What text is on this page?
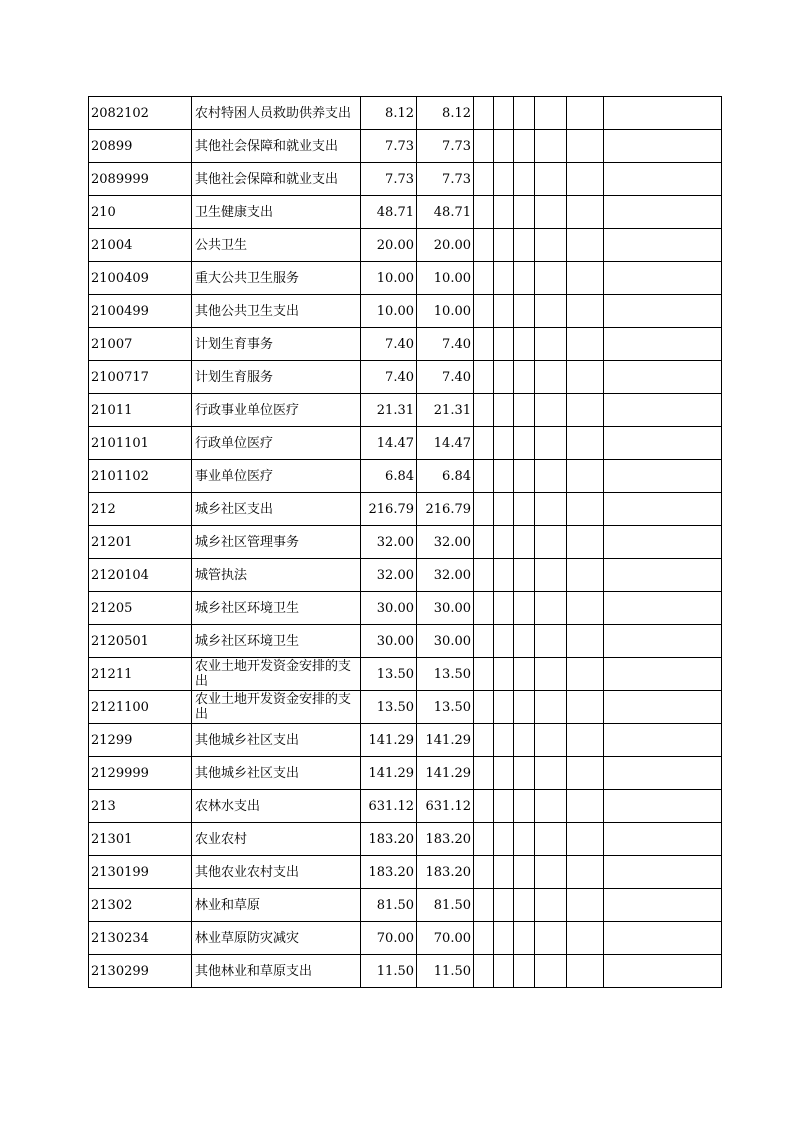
2082102	农村特困人员救助供养支出	8.12	8.12						
20899	其他社会保障和就业支出	7.73	7.73						
2089999	其他社会保障和就业支出	7.73	7.73						
210	卫生健康支出	48.71	48.71						
21004	公共卫生	20.00	20.00						
2100409	重大公共卫生服务	10.00	10.00						
2100499	其他公共卫生支出	10.00	10.00						
21007	计划生育事务	7.40	7.40						
2100717	计划生育服务	7.40	7.40						
21011	行政事业单位医疗	21.31	21.31						
2101101	行政单位医疗	14.47	14.47						
2101102	事业单位医疗	6.84	6.84						
212	城乡社区支出	216.79	216.79						
21201	城乡社区管理事务	32.00	32.00						
2120104	城管执法	32.00	32.00						
21205	城乡社区环境卫生	30.00	30.00						
2120501	城乡社区环境卫生	30.00	30.00						
21211	农业土地开发资金安排的支出	13.50	13.50						
2121100	农业土地开发资金安排的支出	13.50	13.50						
21299	其他城乡社区支出	141.29	141.29						
2129999	其他城乡社区支出	141.29	141.29						
213	农林水支出	631.12	631.12						
21301	农业农村	183.20	183.20						
2130199	其他农业农村支出	183.20	183.20						
21302	林业和草原	81.50	81.50						
2130234	林业草原防灾减灾	70.00	70.00						
2130299	其他林业和草原支出	11.50	11.50						
